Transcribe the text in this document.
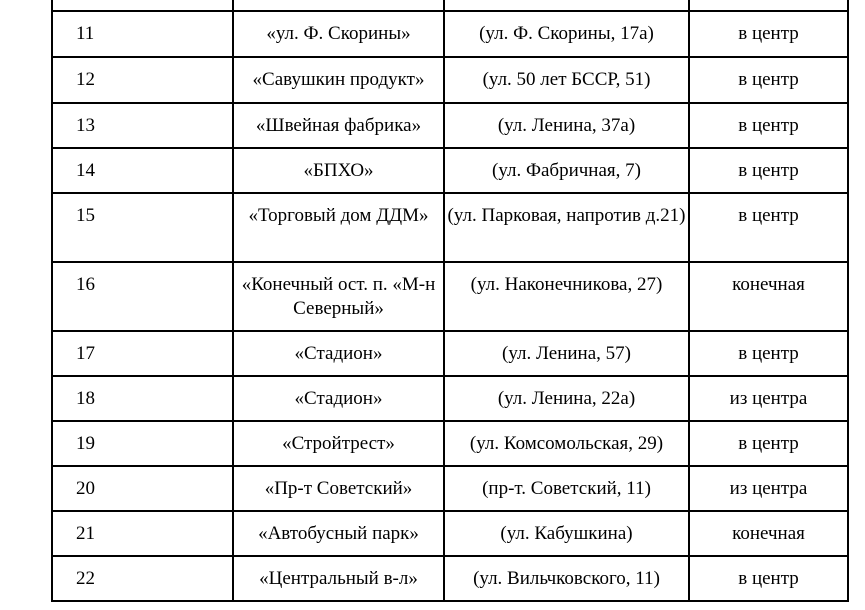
11	«ул. Ф. Скорины»	(ул. Ф. Скорины, 17а)	в центр

12	«Савушкин продукт»	(ул. 50 лет БССР, 51)	в центр

13	«Швейная фабрика»	(ул. Ленина, 37а)	в центр

14	«БПХО»	(ул. Фабричная, 7)	в центр

15	«Торговый дом ДДМ»	(ул. Парковая, напротив д.21)	в центр

16	«Конечный ост. п. «М-н Северный»	(ул. Наконечникова, 27)	конечная

17	«Стадион»	(ул. Ленина, 57)	в центр

18	«Стадион»	(ул. Ленина, 22а)	из центра

19	«Стройтрест»	(ул. Комсомольская, 29)	в центр

20	«Пр-т Советский»	(пр-т. Советский, 11)	из центра

21	«Автобусный парк»	(ул. Кабушкина)	конечная

22	«Центральный в-л»	(ул. Вильчковского, 11)	в центр
